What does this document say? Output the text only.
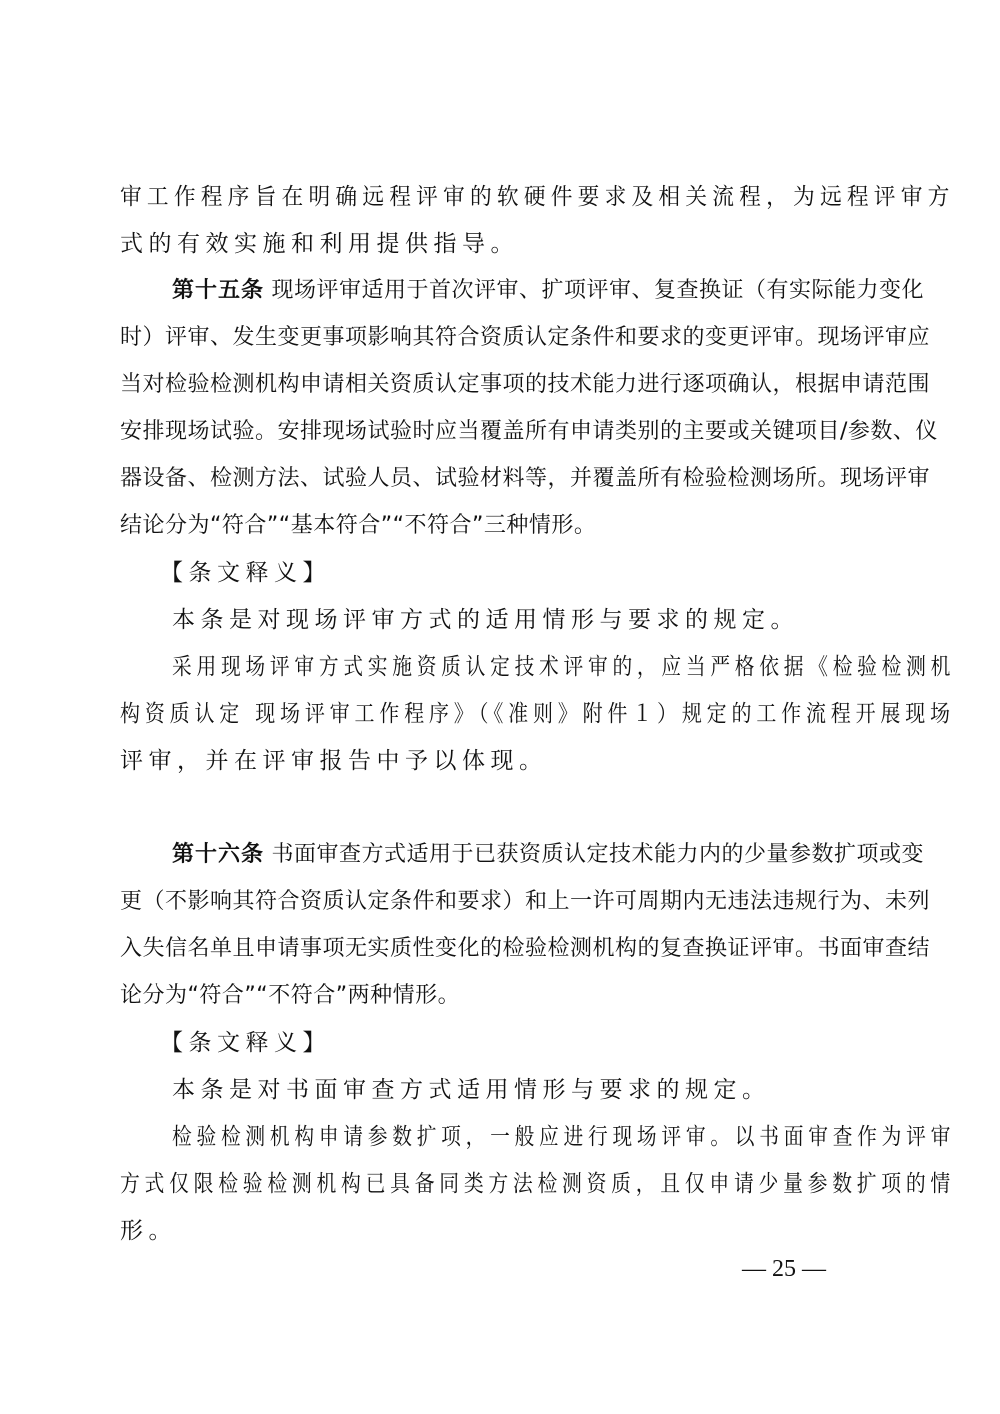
审工作程序旨在明确远程评审的软硬件要求及相关流程，为远程评审方
式的有效实施和利用提供指导。
第十五条 现场评审适用于首次评审、扩项评审、复查换证（有实际能力变化
时）评审、发生变更事项影响其符合资质认定条件和要求的变更评审。现场评审应
当对检验检测机构申请相关资质认定事项的技术能力进行逐项确认，根据申请范围
安排现场试验。安排现场试验时应当覆盖所有申请类别的主要或关键项目/参数、仪
器设备、检测方法、试验人员、试验材料等，并覆盖所有检验检测场所。现场评审
结论分为“符合”“基本符合”“不符合”三种情形。
【条文释义】
本条是对现场评审方式的适用情形与要求的规定。
采用现场评审方式实施资质认定技术评审的，应当严格依据《检验检测机
构资质认定 现场评审工作程序》（《准则》附件１）规定的工作流程开展现场
评审，并在评审报告中予以体现。
第十六条 书面审查方式适用于已获资质认定技术能力内的少量参数扩项或变
更（不影响其符合资质认定条件和要求）和上一许可周期内无违法违规行为、未列
入失信名单且申请事项无实质性变化的检验检测机构的复查换证评审。书面审查结
论分为“符合”“不符合”两种情形。
【条文释义】
本条是对书面审查方式适用情形与要求的规定。
检验检测机构申请参数扩项，一般应进行现场评审。以书面审查作为评审
方式仅限检验检测机构已具备同类方法检测资质，且仅申请少量参数扩项的情
形。
— 25 —
